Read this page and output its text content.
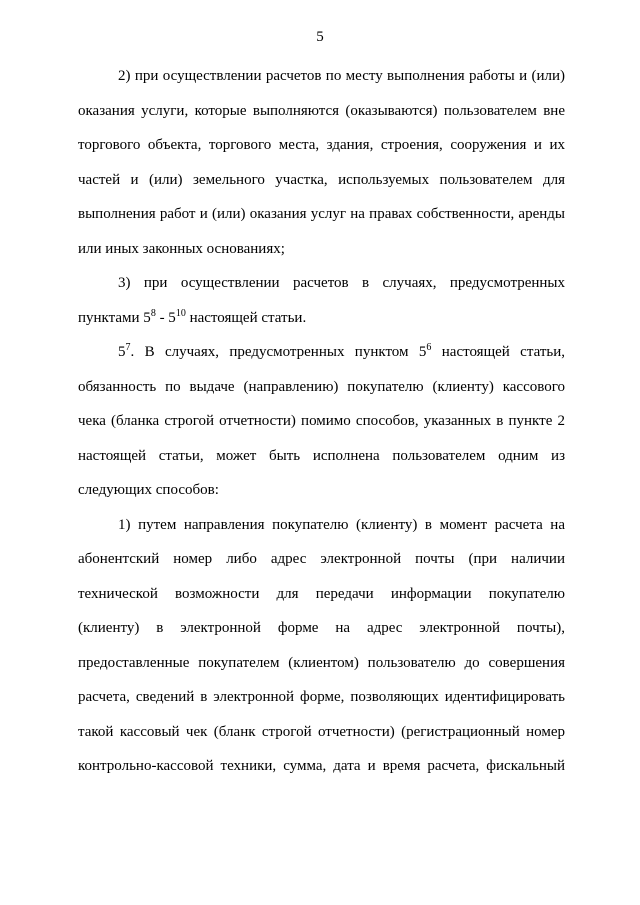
5
2) при осуществлении расчетов по месту выполнения работы и (или)
оказания услуги, которые выполняются (оказываются) пользователем вне
торгового объекта, торгового места, здания, строения, сооружения и их
частей и (или) земельного участка, используемых пользователем для
выполнения работ и (или) оказания услуг на правах собственности, аренды
или иных законных основаниях;
3) при осуществлении расчетов в случаях, предусмотренных
пунктами $5^8 - 5^{10}$ настоящей статьи.
$5^7$. В случаях, предусмотренных пунктом $5^6$ настоящей статьи,
обязанность по выдаче (направлению) покупателю (клиенту) кассового
чека (бланка строгой отчетности) помимо способов, указанных в пункте 2
настоящей статьи, может быть исполнена пользователем одним из
следующих способов:
1) путем направления покупателю (клиенту) в момент расчета на
абонентский номер либо адрес электронной почты (при наличии
технической возможности для передачи информации покупателю
(клиенту) в электронной форме на адрес электронной почты),
предоставленные покупателем (клиентом) пользователю до совершения
расчета, сведений в электронной форме, позволяющих идентифицировать
такой кассовый чек (бланк строгой отчетности) (регистрационный номер
контрольно-кассовой техники, сумма, дата и время расчета, фискальный
